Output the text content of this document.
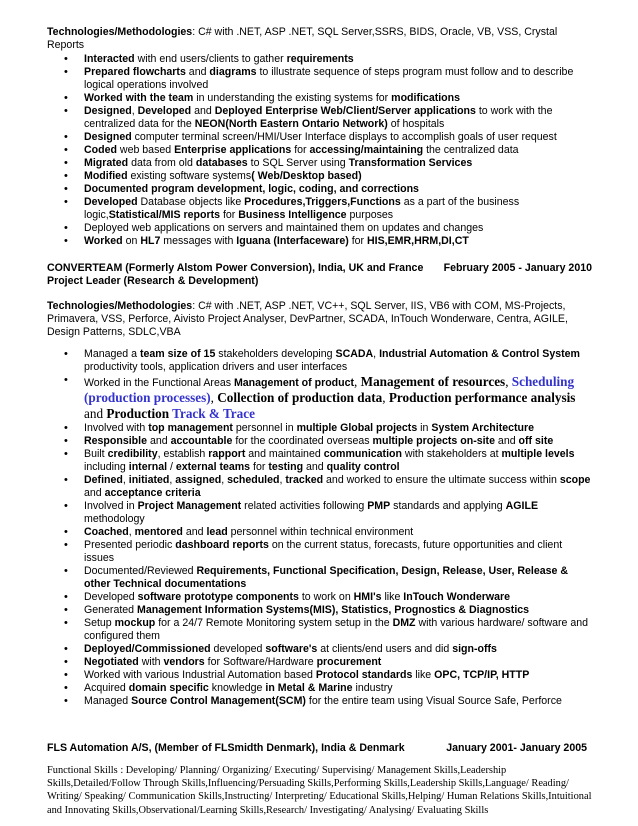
Technologies/Methodologies: C# with .NET, ASP .NET, SQL Server,SSRS, BIDS, Oracle, VB, VSS, Crystal Reports

• Interacted with end users/clients to gather requirements
• Prepared flowcharts and diagrams to illustrate sequence of steps program must follow and to describe logical operations involved
• Worked with the team in understanding the existing systems for modifications
• Designed, Developed and Deployed Enterprise Web/Client/Server applications to work with the centralized data for the NEON(North Eastern Ontario Network) of hospitals
• Designed computer terminal screen/HMI/User Interface displays to accomplish goals of user request
• Coded web based Enterprise applications for accessing/maintaining the centralized data
• Migrated data from old databases to SQL Server using Transformation Services
• Modified existing software systems( Web/Desktop based)
• Documented program development, logic, coding, and corrections
• Developed Database objects like Procedures,Triggers,Functions as a part of the business logic,Statistical/MIS reports for Business Intelligence purposes
• Deployed web applications on servers and maintained them on updates and changes
• Worked on HL7 messages with Iguana (Interfaceware) for HIS,EMR,HRM,DI,CT
CONVERTEAM (Formerly Alstom Power Conversion), India, UK and France February 2005 - January 2010
Project Leader (Research & Development)

Technologies/Methodologies: C# with .NET, ASP .NET, VC++, SQL Server, IIS, VB6 with COM, MS-Projects, Primavera, VSS, Perforce, Aivisto Project Analyser, DevPartner, SCADA, InTouch Wonderware, Centra, AGILE, Design Patterns, SDLC,VBA

• Managed a team size of 15 stakeholders developing SCADA, Industrial Automation & Control System productivity tools, application drivers and user interfaces
• Worked in the Functional Areas Management of product, Management of resources, Scheduling (production processes), Collection of production data, Production performance analysis and Production Track & Trace
• Involved with top management personnel in multiple Global projects in System Architecture
• Responsible and accountable for the coordinated overseas multiple projects on-site and off site
• Built credibility, establish rapport and maintained communication with stakeholders at multiple levels including internal / external teams for testing and quality control
• Defined, initiated, assigned, scheduled, tracked and worked to ensure the ultimate success within scope and acceptance criteria
• Involved in Project Management related activities following PMP standards and applying AGILE methodology
• Coached, mentored and lead personnel within technical environment
• Presented periodic dashboard reports on the current status, forecasts, future opportunities and client issues
• Documented/Reviewed Requirements, Functional Specification, Design, Release, User, Release & other Technical documentations
• Developed software prototype components to work on HMI's like InTouch Wonderware
• Generated Management Information Systems(MIS), Statistics, Prognostics & Diagnostics
• Setup mockup for a 24/7 Remote Monitoring system setup in the DMZ with various hardware/ software and configured them
• Deployed/Commissioned developed software's at clients/end users and did sign-offs
• Negotiated with vendors for Software/Hardware procurement
• Worked with various Industrial Automation based Protocol standards like OPC, TCP/IP, HTTP
• Acquired domain specific knowledge in Metal & Marine industry
• Managed Source Control Management(SCM) for the entire team using Visual Source Safe, Perforce
FLS Automation A/S, (Member of FLSmidth Denmark), India & Denmark	January 2001- January 2005

Functional Skills : Developing/ Planning/ Organizing/ Executing/ Supervising/ Management Skills,Leadership Skills,Detailed/Follow Through Skills,Influencing/Persuading Skills,Performing Skills,Leadership Skills,Language/ Reading/ Writing/ Speaking/ Communication Skills,Instructing/ Interpreting/ Educational Skills,Helping/ Human Relations Skills,Intuitional and Innovating Skills,Observational/Learning Skills,Research/ Investigating/ Analysing/ Evaluating Skills
